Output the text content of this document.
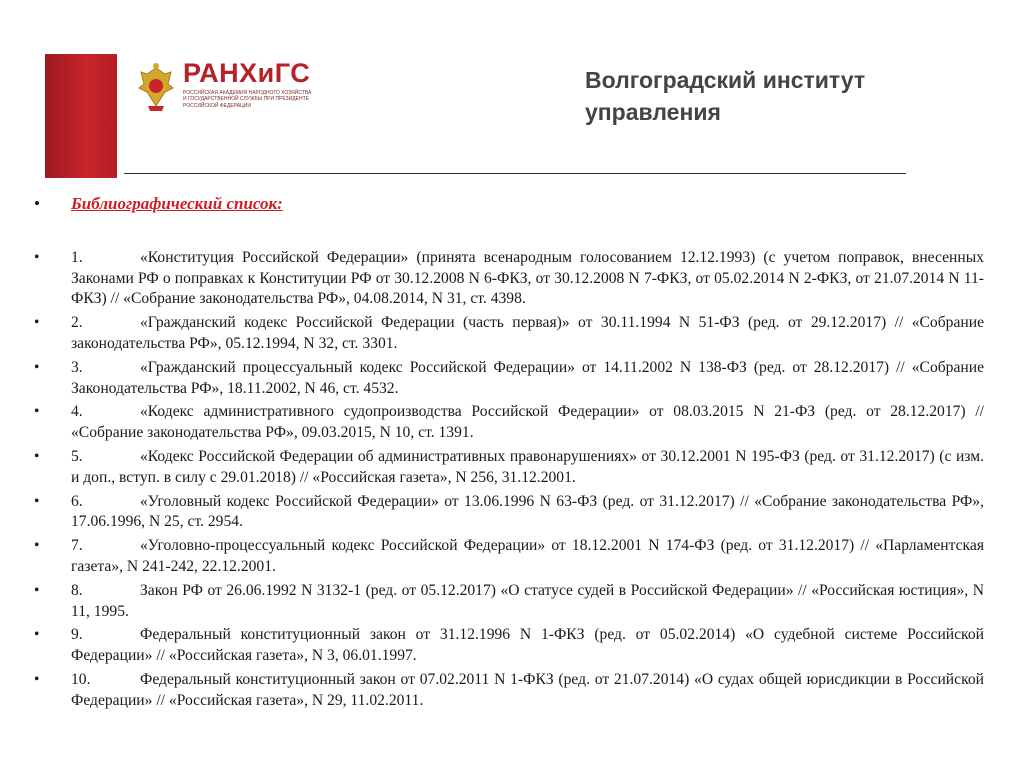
РАНХиГС
РОССИЙСКАЯ АКАДЕМИЯ НАРОДНОГО ХОЗЯЙСТВА И ГОСУДАРСТВЕННОЙ СЛУЖБЫ ПРИ ПРЕЗИДЕНТЕ РОССИЙСКОЙ ФЕДЕРАЦИИ
Волгоградский институт управления
• Библиографический список:
• 1.	«Конституция Российской Федерации» (принята всенародным голосованием 12.12.1993) (с учетом поправок, внесенных Законами РФ о поправках к Конституции РФ от 30.12.2008 N 6-ФКЗ, от 30.12.2008 N 7-ФКЗ, от 05.02.2014 N 2-ФКЗ, от 21.07.2014 N 11-ФКЗ) // «Собрание законодательства РФ», 04.08.2014, N 31, ст. 4398.
• 2.	«Гражданский кодекс Российской Федерации (часть первая)» от 30.11.1994 N 51-ФЗ (ред. от 29.12.2017) // «Собрание законодательства РФ», 05.12.1994, N 32, ст. 3301.
• 3.	«Гражданский процессуальный кодекс Российской Федерации» от 14.11.2002 N 138-ФЗ (ред. от 28.12.2017) // «Собрание Законодательства РФ», 18.11.2002, N 46, ст. 4532.
• 4.	«Кодекс административного судопроизводства Российской Федерации» от 08.03.2015 N 21-ФЗ (ред. от 28.12.2017) // «Собрание законодательства РФ», 09.03.2015, N 10, ст. 1391.
• 5.	«Кодекс Российской Федерации об административных правонарушениях» от 30.12.2001 N 195-ФЗ (ред. от 31.12.2017) (с изм. и доп., вступ. в силу с 29.01.2018) // «Российская газета», N 256, 31.12.2001.
• 6.	«Уголовный кодекс Российской Федерации» от 13.06.1996 N 63-ФЗ (ред. от 31.12.2017) // «Собрание законодательства РФ», 17.06.1996, N 25, ст. 2954.
• 7.	«Уголовно-процессуальный кодекс Российской Федерации» от 18.12.2001 N 174-ФЗ (ред. от 31.12.2017) // «Парламентская газета», N 241-242, 22.12.2001.
• 8.	Закон РФ от 26.06.1992 N 3132-1 (ред. от 05.12.2017) «О статусе судей в Российской Федерации» // «Российская юстиция», N 11, 1995.
• 9.	Федеральный конституционный закон от 31.12.1996 N 1-ФКЗ (ред. от 05.02.2014) «О судебной системе Российской Федерации» // «Российская газета», N 3, 06.01.1997.
• 10.	Федеральный конституционный закон от 07.02.2011 N 1-ФКЗ (ред. от 21.07.2014) «О судах общей юрисдикции в Российской Федерации» // «Российская газета», N 29, 11.02.2011.
